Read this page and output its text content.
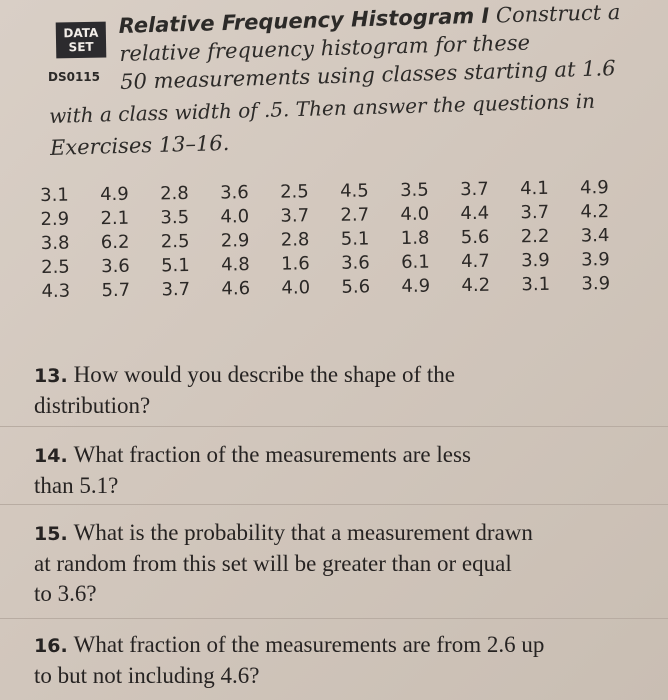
DATA
SET
DS0115
Relative Frequency Histogram I Construct a
relative frequency histogram for these
50 measurements using classes starting at 1.6
with a class width of .5. Then answer the questions in
Exercises 13–16.
3.1	4.9	2.8	3.6	2.5	4.5	3.5	3.7	4.1	4.9
2.9	2.1	3.5	4.0	3.7	2.7	4.0	4.4	3.7	4.2
3.8	6.2	2.5	2.9	2.8	5.1	1.8	5.6	2.2	3.4
2.5	3.6	5.1	4.8	1.6	3.6	6.1	4.7	3.9	3.9
4.3	5.7	3.7	4.6	4.0	5.6	4.9	4.2	3.1	3.9
13. How would you describe the shape of the
distribution?
14. What fraction of the measurements are less
than 5.1?
15. What is the probability that a measurement drawn
at random from this set will be greater than or equal
to 3.6?
16. What fraction of the measurements are from 2.6 up
to but not including 4.6?
